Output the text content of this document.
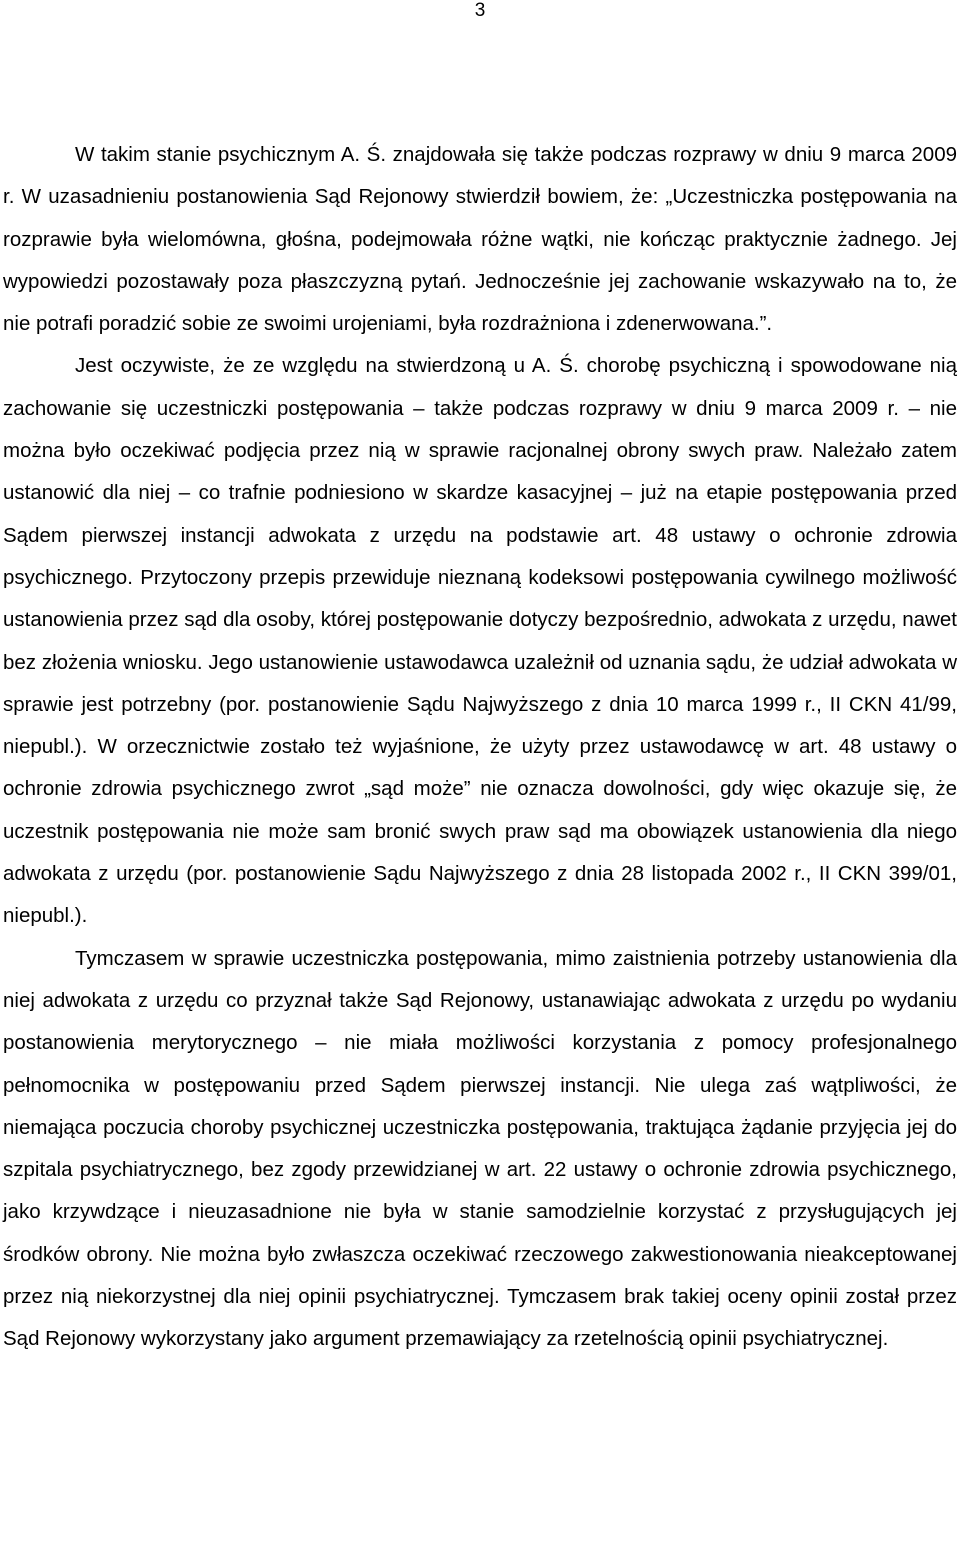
3

W takim stanie psychicznym A. Ś. znajdowała się także podczas rozprawy w dniu 9 marca 2009 r. W uzasadnieniu postanowienia Sąd Rejonowy stwierdził bowiem, że: „Uczestniczka postępowania na rozprawie była wielomówna, głośna, podejmowała różne wątki, nie kończąc praktycznie żadnego. Jej wypowiedzi pozostawały poza płaszczyzną pytań. Jednocześnie jej zachowanie wskazywało na to, że nie potrafi poradzić sobie ze swoimi urojeniami, była rozdrażniona i zdenerwowana.”.

Jest oczywiste, że ze względu na stwierdzoną u A. Ś. chorobę psychiczną i spowodowane nią zachowanie się uczestniczki postępowania – także podczas rozprawy w dniu 9 marca 2009 r. – nie można było oczekiwać podjęcia przez nią w sprawie racjonalnej obrony swych praw. Należało zatem ustanowić dla niej – co trafnie podniesiono w skardze kasacyjnej – już na etapie postępowania przed Sądem pierwszej instancji adwokata z urzędu na podstawie art. 48 ustawy o ochronie zdrowia psychicznego. Przytoczony przepis przewiduje nieznaną kodeksowi postępowania cywilnego możliwość ustanowienia przez sąd dla osoby, której postępowanie dotyczy bezpośrednio, adwokata z urzędu, nawet bez złożenia wniosku. Jego ustanowienie ustawodawca uzależnił od uznania sądu, że udział adwokata w sprawie jest potrzebny (por. postanowienie Sądu Najwyższego z dnia 10 marca 1999 r., II CKN 41/99, niepubl.). W orzecznictwie zostało też wyjaśnione, że użyty przez ustawodawcę w art. 48 ustawy o ochronie zdrowia psychicznego zwrot „sąd może” nie oznacza dowolności, gdy więc okazuje się, że uczestnik postępowania nie może sam bronić swych praw sąd ma obowiązek ustanowienia dla niego adwokata z urzędu (por. postanowienie Sądu Najwyższego z dnia 28 listopada 2002 r., II CKN 399/01, niepubl.).

Tymczasem w sprawie uczestniczka postępowania, mimo zaistnienia potrzeby ustanowienia dla niej adwokata z urzędu co przyznał także Sąd Rejonowy, ustanawiając adwokata z urzędu po wydaniu postanowienia merytorycznego – nie miała możliwości korzystania z pomocy profesjonalnego pełnomocnika w postępowaniu przed Sądem pierwszej instancji. Nie ulega zaś wątpliwości, że niemająca poczucia choroby psychicznej uczestniczka postępowania, traktująca żądanie przyjęcia jej do szpitala psychiatrycznego, bez zgody przewidzianej w art. 22 ustawy o ochronie zdrowia psychicznego, jako krzywdzące i nieuzasadnione nie była w stanie samodzielnie korzystać z przysługujących jej środków obrony. Nie można było zwłaszcza oczekiwać rzeczowego zakwestionowania nieakceptowanej przez nią niekorzystnej dla niej opinii psychiatrycznej. Tymczasem brak takiej oceny opinii został przez Sąd Rejonowy wykorzystany jako argument przemawiający za rzetelnością opinii psychiatrycznej.
